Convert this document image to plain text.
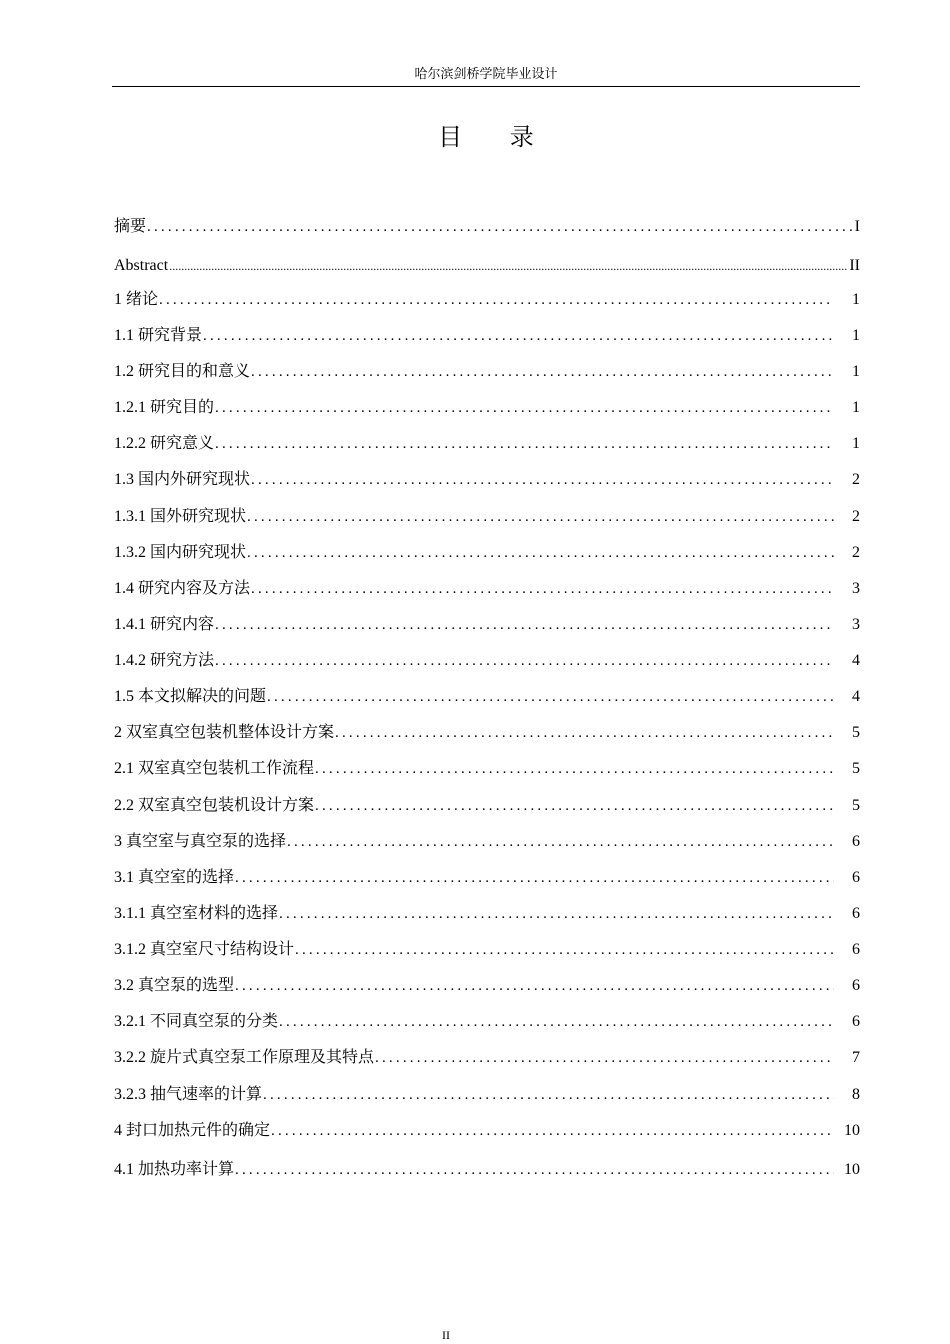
哈尔滨剑桥学院毕业设计
目 录
摘要 .....	I
Abstract .....	II
1 绪论 .....	1
1.1 研究背景 .....	1
1.2 研究目的和意义 .....	1
1.2.1 研究目的 .....	1
1.2.2 研究意义 .....	1
1.3 国内外研究现状 .....	2
1.3.1 国外研究现状 .....	2
1.3.2 国内研究现状 .....	2
1.4 研究内容及方法 .....	3
1.4.1 研究内容 .....	3
1.4.2 研究方法 .....	4
1.5 本文拟解决的问题 .....	4
2 双室真空包装机整体设计方案 .....	5
2.1 双室真空包装机工作流程 .....	5
2.2 双室真空包装机设计方案 .....	5
3 真空室与真空泵的选择 .....	6
3.1 真空室的选择 .....	6
3.1.1 真空室材料的选择 .....	6
3.1.2 真空室尺寸结构设计 .....	6
3.2 真空泵的选型 .....	6
3.2.1 不同真空泵的分类 .....	6
3.2.2 旋片式真空泵工作原理及其特点 .....	7
3.2.3 抽气速率的计算 .....	8
4 封口加热元件的确定 .....	10
4.1 加热功率计算 .....	10
II
